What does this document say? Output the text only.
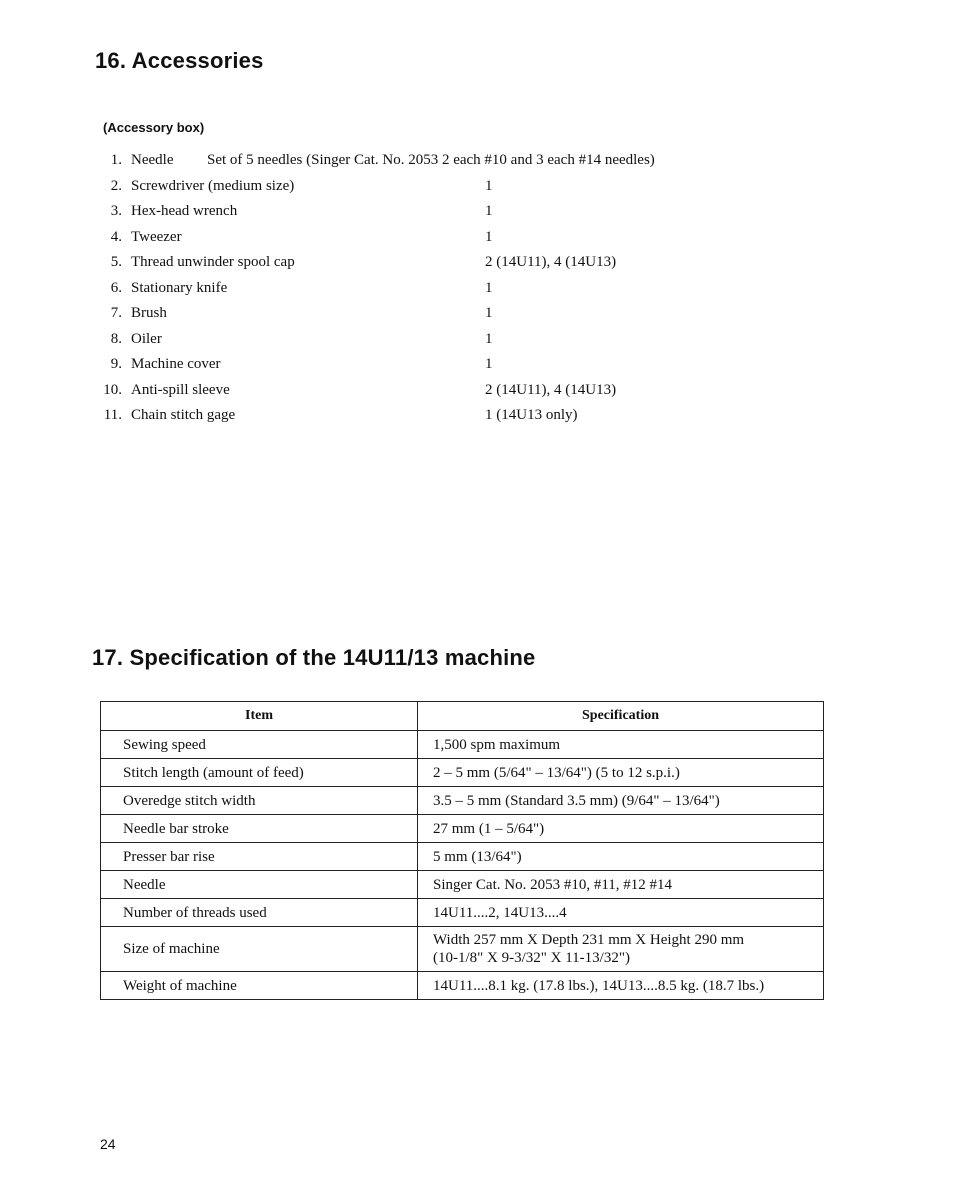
16. Accessories
(Accessory box)
1. Needle Set of 5 needles (Singer Cat. No. 2053 2 each #10 and 3 each #14 needles)
2. Screwdriver (medium size)	1
3. Hex-head wrench	1
4. Tweezer	1
5. Thread unwinder spool cap	2 (14U11), 4 (14U13)
6. Stationary knife	1
7. Brush	1
8. Oiler	1
9. Machine cover	1
10. Anti-spill sleeve	2 (14U11), 4 (14U13)
11. Chain stitch gage	1 (14U13 only)
17. Specification of the 14U11/13 machine
Item	Specification
Sewing speed	1,500 spm maximum
Stitch length (amount of feed)	2 – 5 mm (5/64" – 13/64") (5 to 12 s.p.i.)
Overedge stitch width	3.5 – 5 mm (Standard 3.5 mm) (9/64" – 13/64")
Needle bar stroke	27 mm (1 – 5/64")
Presser bar rise	5 mm (13/64")
Needle	Singer Cat. No. 2053 #10, #11, #12 #14
Number of threads used	14U11....2, 14U13....4
Size of machine	Width 257 mm X Depth 231 mm X Height 290 mm
(10-1/8" X 9-3/32" X 11-13/32")

Weight of machine	14U11....8.1 kg. (17.8 lbs.), 14U13....8.5 kg. (18.7 lbs.)
24
